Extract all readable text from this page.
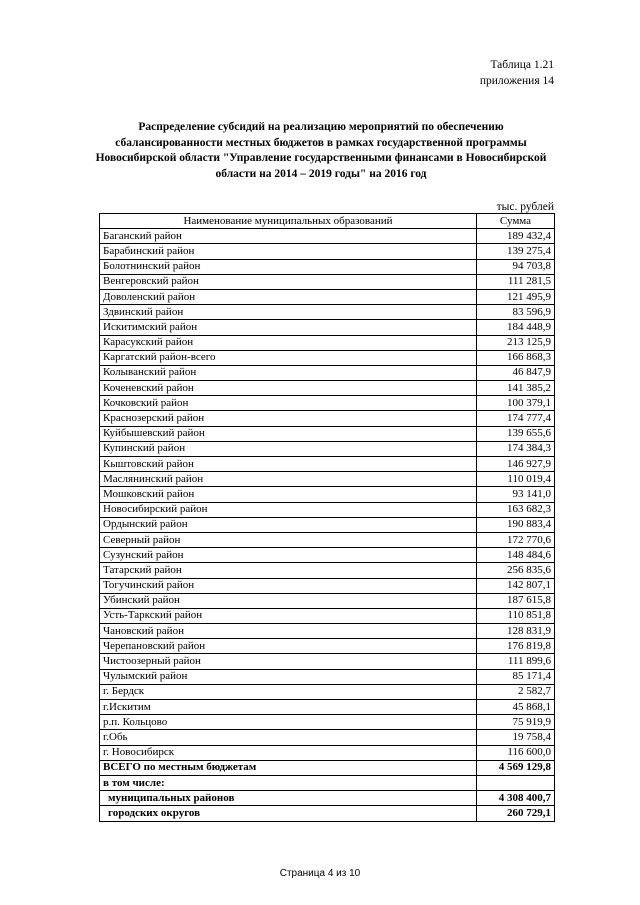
Таблица 1.21
приложения 14
Распределение субсидий на реализацию мероприятий по обеспечению сбалансированности местных бюджетов в рамках государственной программы Новосибирской области "Управление государственными финансами в Новосибирской области на 2014 – 2019 годы" на 2016 год
тыс. рублей
Наименование муниципальных образований	Сумма
Баганский район	189 432,4
Барабинский район	139 275,4
Болотнинский район	94 703,8
Венгеровский район	111 281,5
Доволенский район	121 495,9
Здвинский район	83 596,9
Искитимский район	184 448,9
Карасукский район	213 125,9
Каргатский район-всего	166 868,3
Колыванский район	46 847,9
Коченевский район	141 385,2
Кочковский район	100 379,1
Краснозерский район	174 777,4
Куйбышевский район	139 655,6
Купинский район	174 384,3
Кыштовский район	146 927,9
Маслянинский район	110 019,4
Мошковский район	93 141,0
Новосибирский район	163 682,3
Ордынский район	190 883,4
Северный район	172 770,6
Сузунский район	148 484,6
Татарский район	256 835,6
Тогучинский район	142 807,1
Убинский район	187 615,8
Усть-Таркский район	110 851,8
Чановский район	128 831,9
Черепановский район	176 819,8
Чистоозерный район	111 899,6
Чулымский район	85 171,4
г. Бердск	2 582,7
г.Искитим	45 868,1
р.п. Кольцово	75 919,9
г.Обь	19 758,4
г. Новосибирск	116 600,0
ВСЕГО по местным бюджетам	4 569 129,8
в том числе:	
муниципальных районов	4 308 400,7
городских округов	260 729,1
Страница 4 из 10
